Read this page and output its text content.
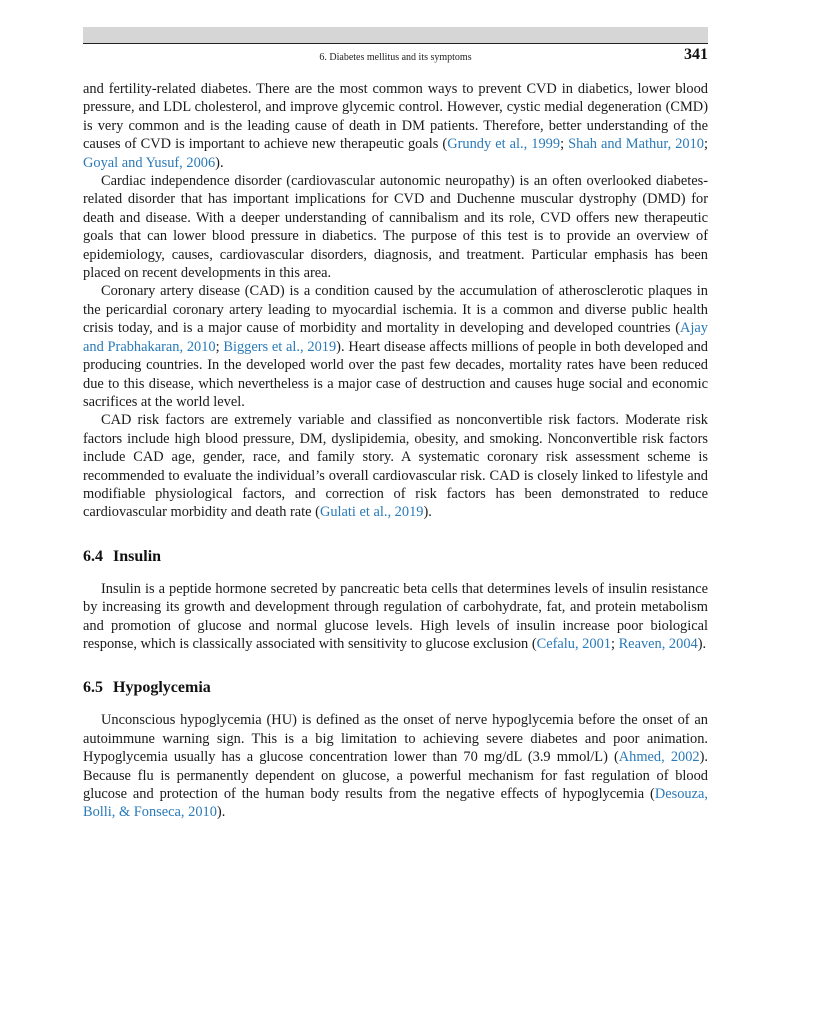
6. Diabetes mellitus and its symptoms	341

and fertility-related diabetes. There are the most common ways to prevent CVD in diabetics, lower blood pressure, and LDL cholesterol, and improve glycemic control. However, cystic medial degeneration (CMD) is very common and is the leading cause of death in DM patients. Therefore, better understanding of the causes of CVD is important to achieve new therapeutic goals (Grundy et al., 1999; Shah and Mathur, 2010; Goyal and Yusuf, 2006).

Cardiac independence disorder (cardiovascular autonomic neuropathy) is an often overlooked diabetes-related disorder that has important implications for CVD and Duchenne muscular dystrophy (DMD) for death and disease. With a deeper understanding of cannibalism and its role, CVD offers new therapeutic goals that can lower blood pressure in diabetics. The purpose of this test is to provide an overview of epidemiology, causes, cardiovascular disorders, diagnosis, and treatment. Particular emphasis has been placed on recent developments in this area.

Coronary artery disease (CAD) is a condition caused by the accumulation of atherosclerotic plaques in the pericardial coronary artery leading to myocardial ischemia. It is a common and diverse public health crisis today, and is a major cause of morbidity and mortality in developing and developed countries (Ajay and Prabhakaran, 2010; Biggers et al., 2019). Heart disease affects millions of people in both developed and producing countries. In the developed world over the past few decades, mortality rates have been reduced due to this disease, which nevertheless is a major case of destruction and causes huge social and economic sacrifices at the world level.

CAD risk factors are extremely variable and classified as nonconvertible risk factors. Moderate risk factors include high blood pressure, DM, dyslipidemia, obesity, and smoking. Nonconvertible risk factors include CAD age, gender, race, and family story. A systematic coronary risk assessment scheme is recommended to evaluate the individual’s overall cardiovascular risk. CAD is closely linked to lifestyle and modifiable physiological factors, and correction of risk factors has been demonstrated to reduce cardiovascular morbidity and death rate (Gulati et al., 2019).

6.4 Insulin

Insulin is a peptide hormone secreted by pancreatic beta cells that determines levels of insulin resistance by increasing its growth and development through regulation of carbohydrate, fat, and protein metabolism and promotion of glucose and normal glucose levels. High levels of insulin increase poor biological response, which is classically associated with sensitivity to glucose exclusion (Cefalu, 2001; Reaven, 2004).

6.5 Hypoglycemia

Unconscious hypoglycemia (HU) is defined as the onset of nerve hypoglycemia before the onset of an autoimmune warning sign. This is a big limitation to achieving severe diabetes and poor animation. Hypoglycemia usually has a glucose concentration lower than 70 mg/dL (3.9 mmol/L) (Ahmed, 2002). Because flu is permanently dependent on glucose, a powerful mechanism for fast regulation of blood glucose and protection of the human body results from the negative effects of hypoglycemia (Desouza, Bolli, & Fonseca, 2010).
